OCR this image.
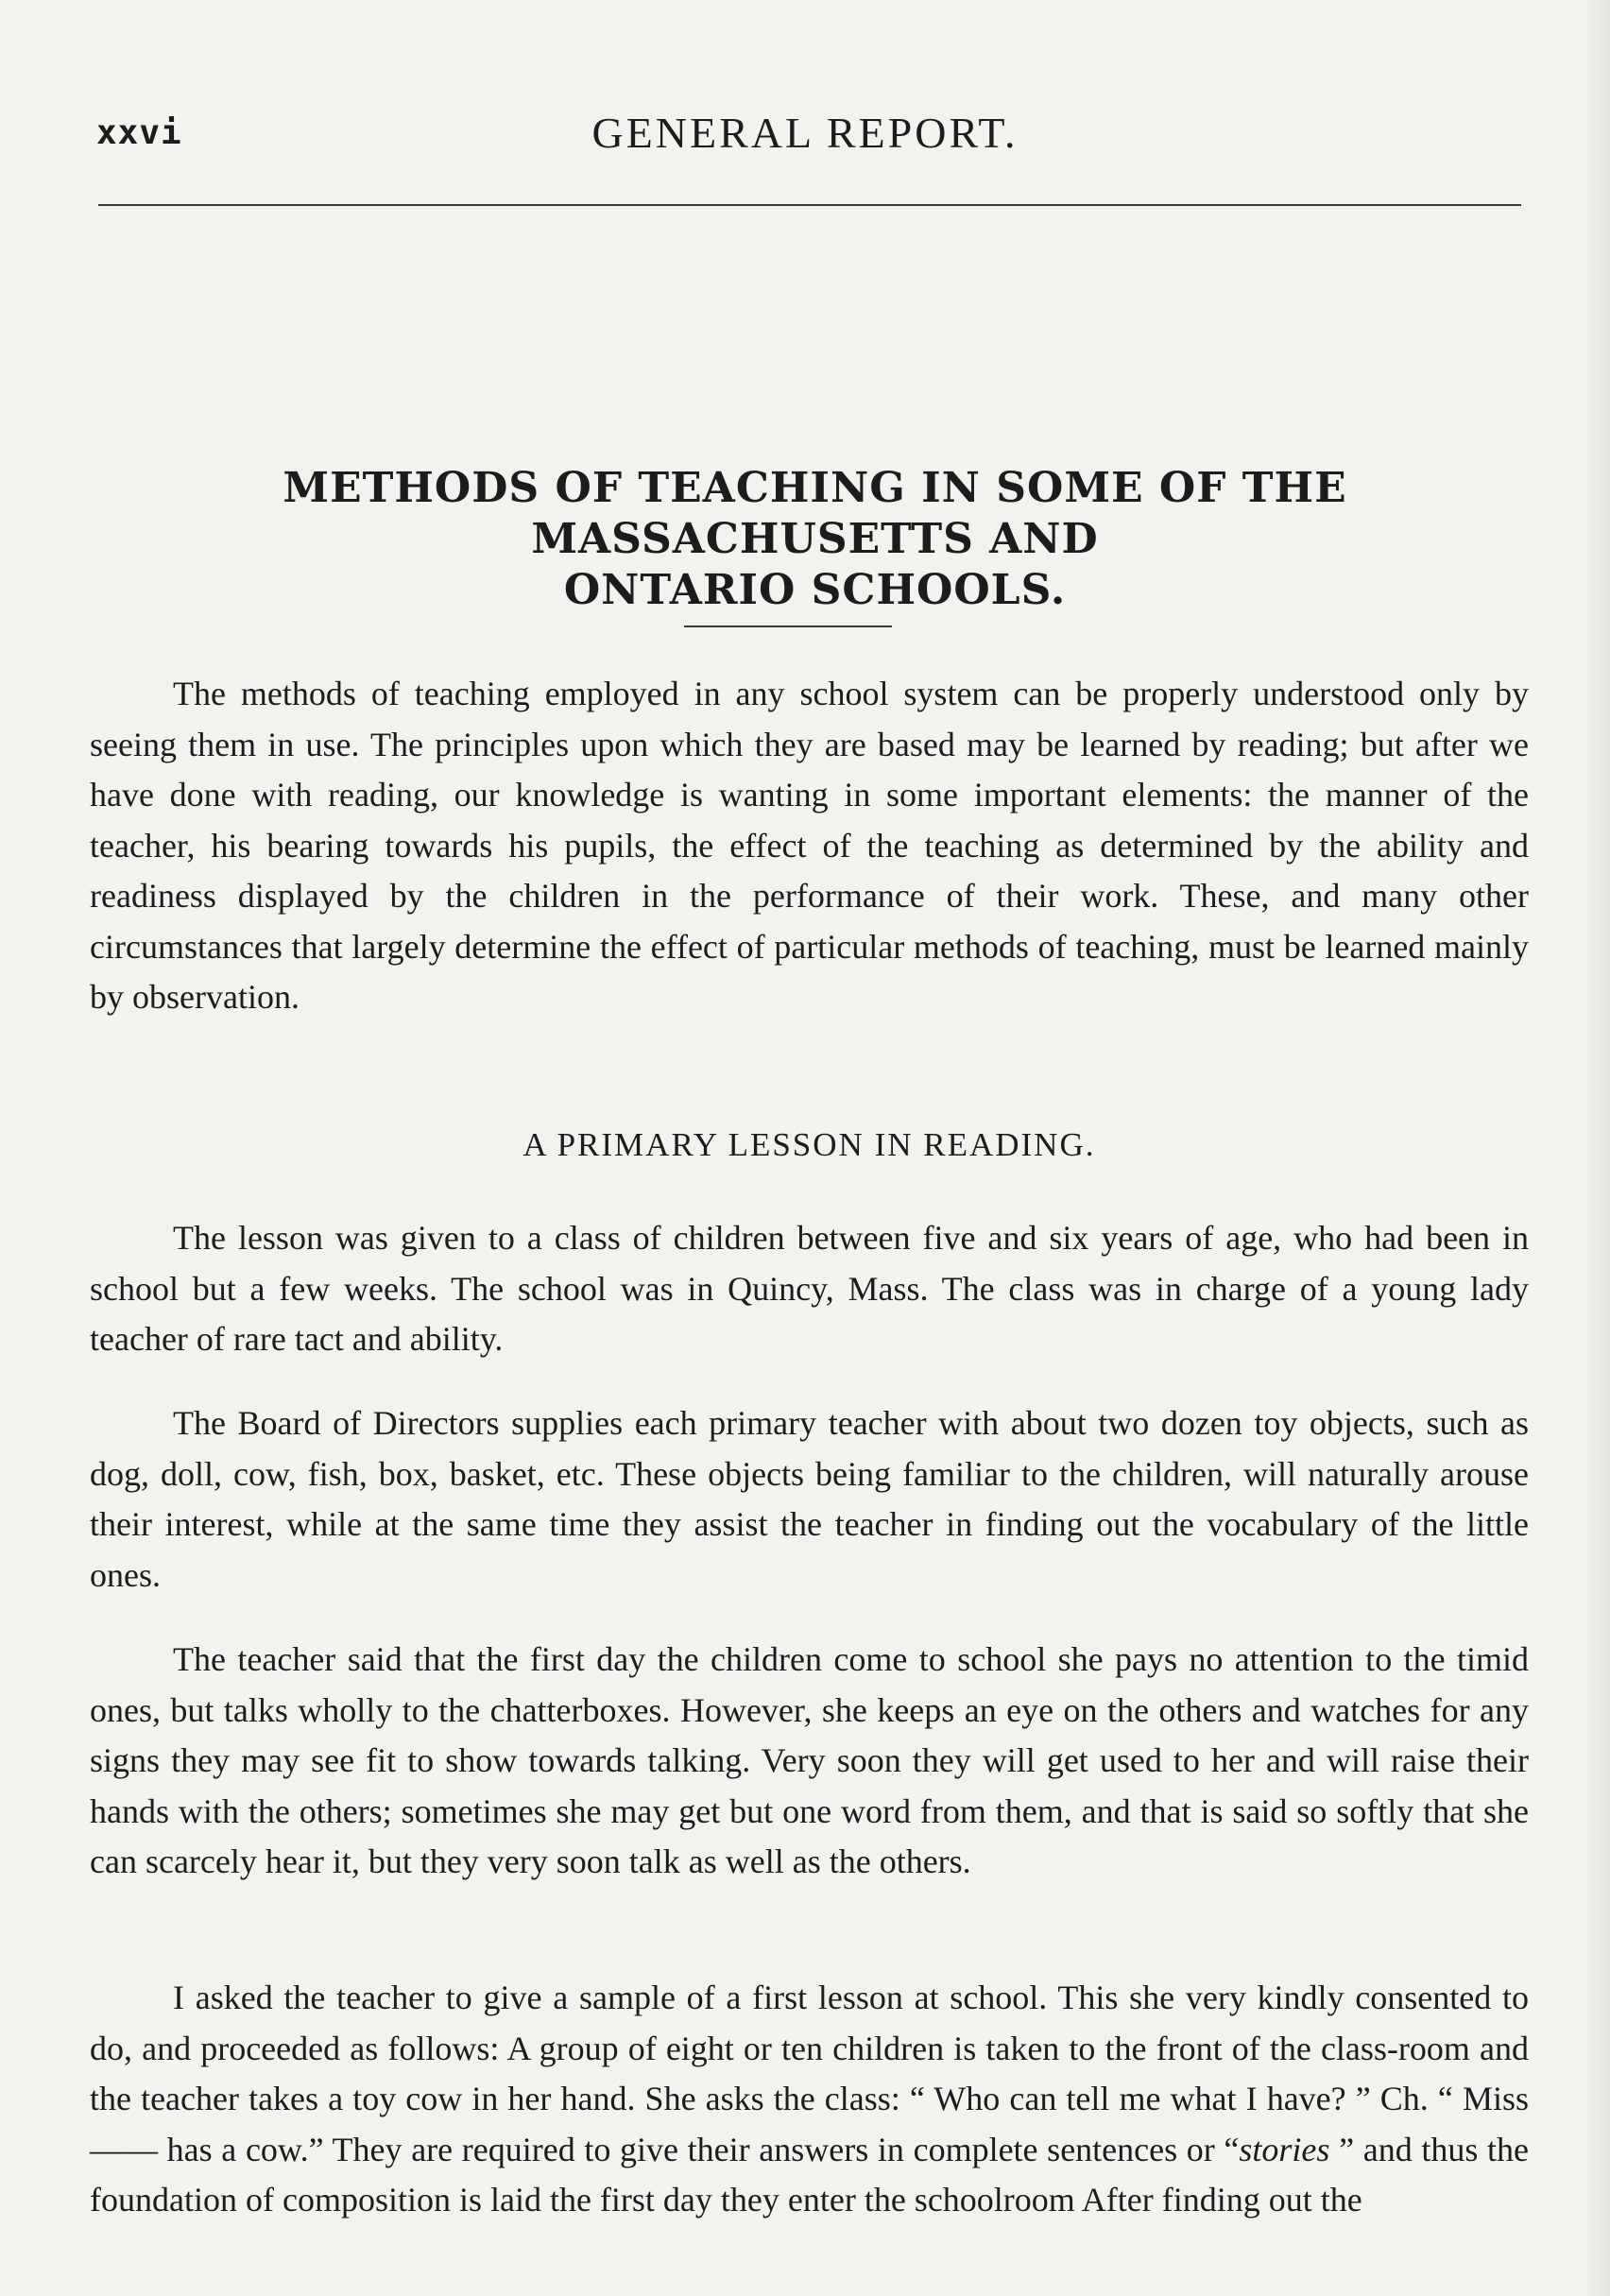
xxvi	GENERAL REPORT.
METHODS OF TEACHING IN SOME OF THE MASSACHUSETTS AND
ONTARIO SCHOOLS.

The methods of teaching employed in any school system can be properly understood only by seeing them in use. The principles upon which they are based may be learned by reading; but after we have done with reading, our knowledge is wanting in some important elements: the manner of the teacher, his bearing towards his pupils, the effect of the teaching as determined by the ability and readiness displayed by the children in the performance of their work. These, and many other circumstances that largely determine the effect of particular methods of teaching, must be learned mainly by observation.

A PRIMARY LESSON IN READING.

The lesson was given to a class of children between five and six years of age, who had been in school but a few weeks. The school was in Quincy, Mass. The class was in charge of a young lady teacher of rare tact and ability.

The Board of Directors supplies each primary teacher with about two dozen toy objects, such as dog, doll, cow, fish, box, basket, etc. These objects being familiar to the children, will naturally arouse their interest, while at the same time they assist the teacher in finding out the vocabulary of the little ones.

The teacher said that the first day the children come to school she pays no attention to the timid ones, but talks wholly to the chatterboxes. However, she keeps an eye on the others and watches for any signs they may see fit to show towards talking. Very soon they will get used to her and will raise their hands with the others; sometimes she may get but one word from them, and that is said so softly that she can scarcely hear it, but they very soon talk as well as the others.

I asked the teacher to give a sample of a first lesson at school. This she very kindly consented to do, and proceeded as follows: A group of eight or ten children is taken to the front of the class-room and the teacher takes a toy cow in her hand. She asks the class: “ Who can tell me what I have? ” Ch. “ Miss —— has a cow.” They are required to give their answers in complete sentences or “stories ” and thus the foundation of composition is laid the first day they enter the schoolroom After finding out the
